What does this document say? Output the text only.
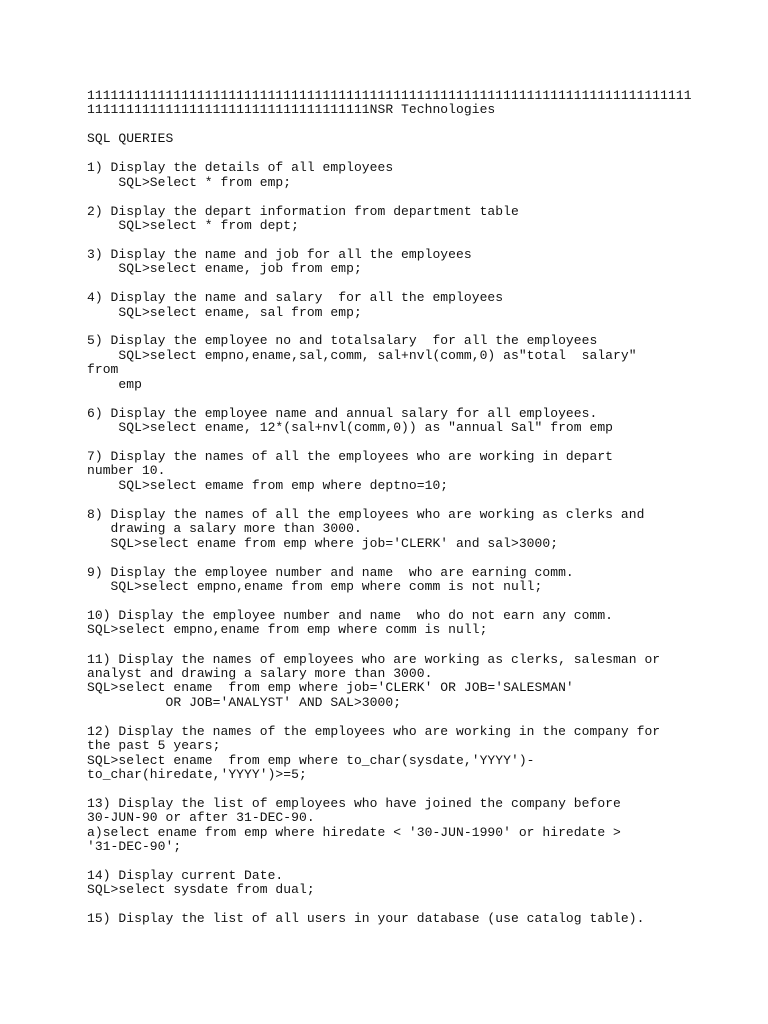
11111111111111111111111111111111111111111111111111111111111111111111111111111
111111111111111111111111111111111111NSR Technologies
SQL QUERIES
1) Display the details of all employees
SQL>Select * from emp;
2) Display the depart information from department table
SQL>select * from dept;
3) Display the name and job for all the employees
SQL>select ename, job from emp;
4) Display the name and salary  for all the employees
SQL>select ename, sal from emp;
5) Display the employee no and totalsalary  for all the employees
SQL>select empno,ename,sal,comm, sal+nvl(comm,0) as"total  salary"
from
emp
6) Display the employee name and annual salary for all employees.
SQL>select ename, 12*(sal+nvl(comm,0)) as "annual Sal" from emp
7) Display the names of all the employees who are working in depart
number 10.
SQL>select emame from emp where deptno=10;
8) Display the names of all the employees who are working as clerks and
drawing a salary more than 3000.
SQL>select ename from emp where job='CLERK' and sal>3000;
9) Display the employee number and name  who are earning comm.
SQL>select empno,ename from emp where comm is not null;
10) Display the employee number and name  who do not earn any comm.
SQL>select empno,ename from emp where comm is null;
11) Display the names of employees who are working as clerks, salesman or
analyst and drawing a salary more than 3000.
SQL>select ename  from emp where job='CLERK' OR JOB='SALESMAN'
OR JOB='ANALYST' AND SAL>3000;
12) Display the names of the employees who are working in the company for
the past 5 years;
SQL>select ename  from emp where to_char(sysdate,'YYYY')-
to_char(hiredate,'YYYY')>=5;
13) Display the list of employees who have joined the company before
30-JUN-90 or after 31-DEC-90.
a)select ename from emp where hiredate < '30-JUN-1990' or hiredate >
'31-DEC-90';
14) Display current Date.
SQL>select sysdate from dual;
15) Display the list of all users in your database (use catalog table).
